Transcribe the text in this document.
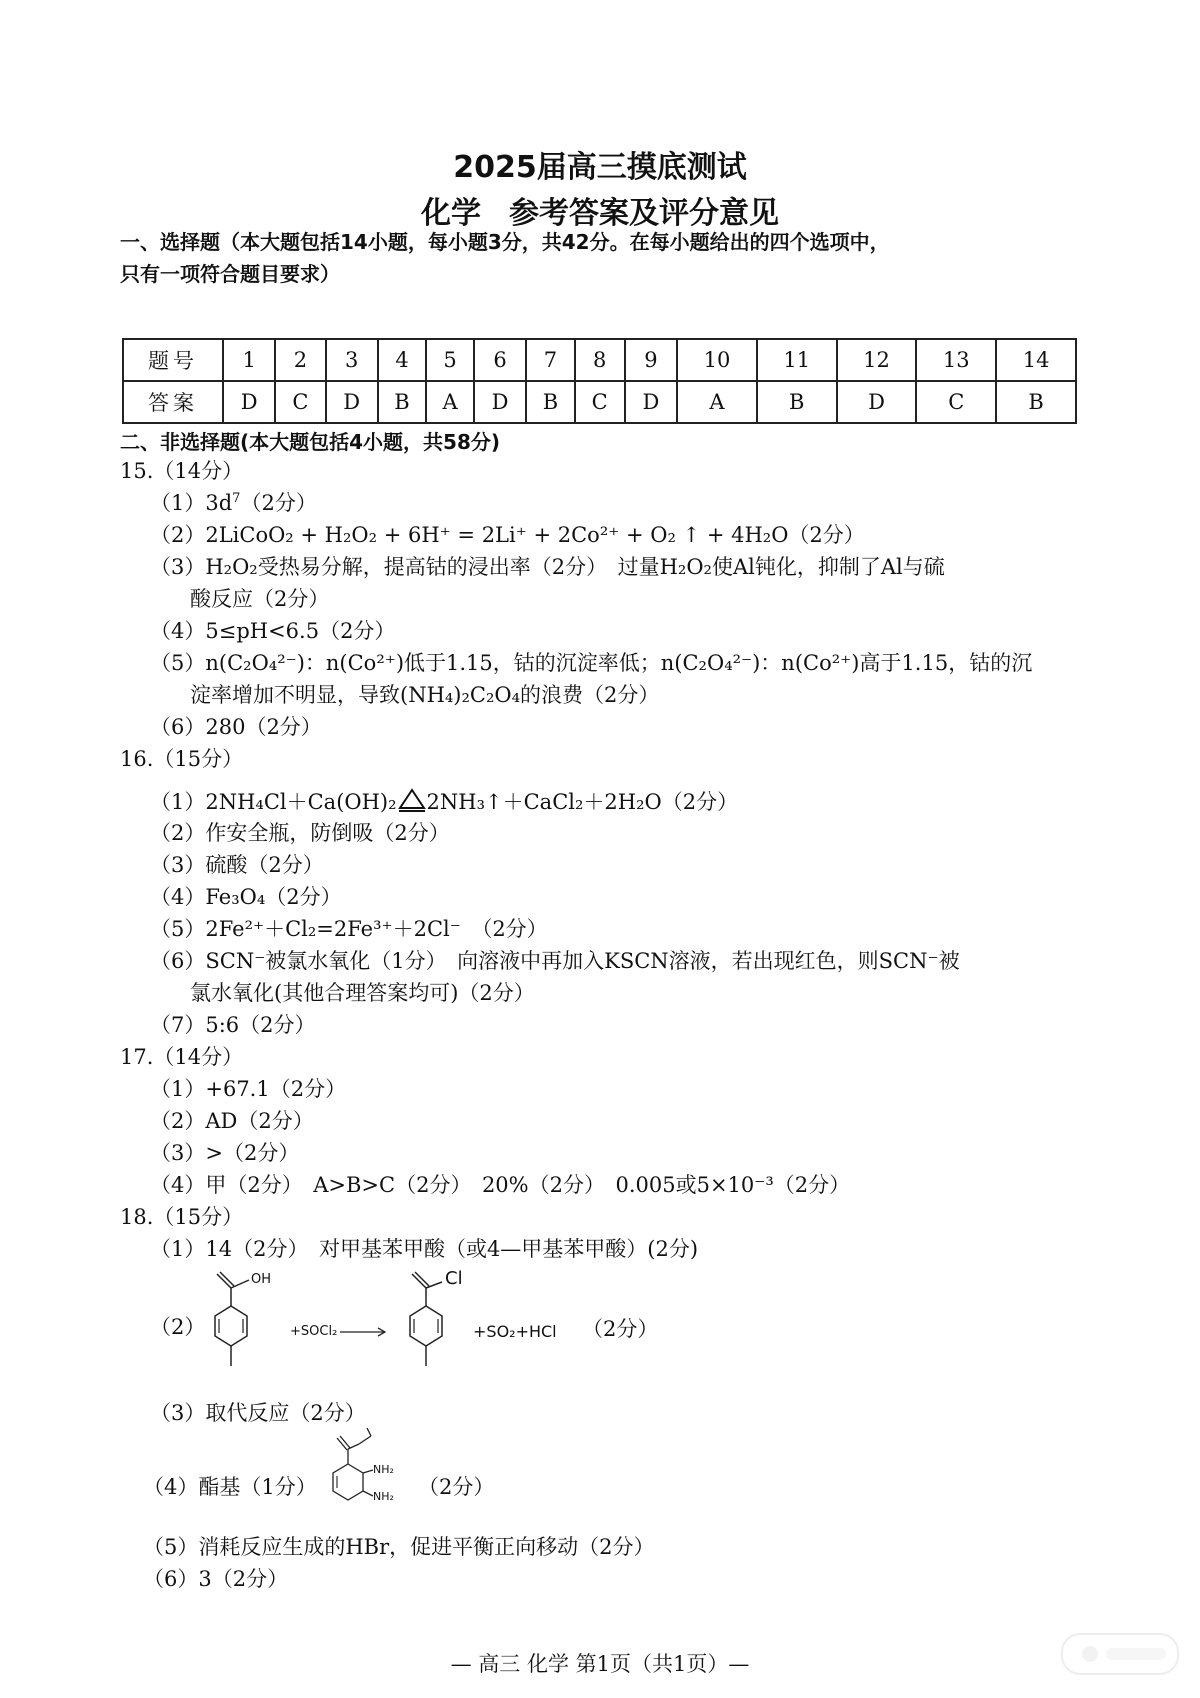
2025届高三摸底测试
化学 参考答案及评分意见
一、选择题（本大题包括14小题，每小题3分，共42分。在每小题给出的四个选项中，
只有一项符合题目要求）
题号	1	2	3	4	5	6	7	8	9	10	11	12	13	14
答案	D	C	D	B	A	D	B	C	D	A	B	D	C	B
二、非选择题(本大题包括4小题，共58分)
15.（14分）
$(1)3d^7(2$分）
（2）2LiCoO₂ + H₂O₂ + 6H⁺ = 2Li⁺ + 2Co²⁺ + O₂ ↑ + 4H₂O（2分）
（3）H₂O₂受热易分解，提高钴的浸出率（2分）　过量H₂O₂使Al钝化，抑制了Al与硫
酸反应（2分）
（4）5≤pH<6.5（2分）
（5）n(C₂O₄²⁻)：n(Co²⁺)低于1.15，钴的沉淀率低；n(C₂O₄²⁻)：n(Co²⁺)高于1.15，钴的沉
淀率增加不明显，导致(NH₄)₂C₂O₄的浪费（2分）
（6）280（2分）
16.（15分）
（1）2NH₄Cl＋Ca(OH)₂ 2NH₃↑＋CaCl₂＋2H₂O（2分）
（2）作安全瓶，防倒吸（2分）
（3）硫酸（2分）
（4）Fe₃O₄（2分）
（5）2Fe²⁺＋Cl₂=2Fe³⁺＋2Cl⁻　（2分）
（6）SCN⁻被氯水氧化（1分）　向溶液中再加入KSCN溶液，若出现红色，则SCN⁻被
氯水氧化(其他合理答案均可)（2分）
（7）5:6（2分）
17.（14分）
（1）+67.1（2分）
（2）AD（2分）
（3）>（2分）
（4）甲（2分）　A>B>C（2分）　20%（2分）　0.005或5×10⁻³（2分）
18.（15分）
（1）14（2分）　对甲基苯甲酸（或4—甲基苯甲酸）(2分)
（2）
OH
+SOCl₂ →
Cl
+SO₂+HCl （2分）
（3）取代反应（2分）
（4）酯基（1分）
NH₂
NH₂ （2分）
（5）消耗反应生成的HBr，促进平衡正向移动（2分）
（6）3（2分）
— 高三 化学 第1页（共1页）—
